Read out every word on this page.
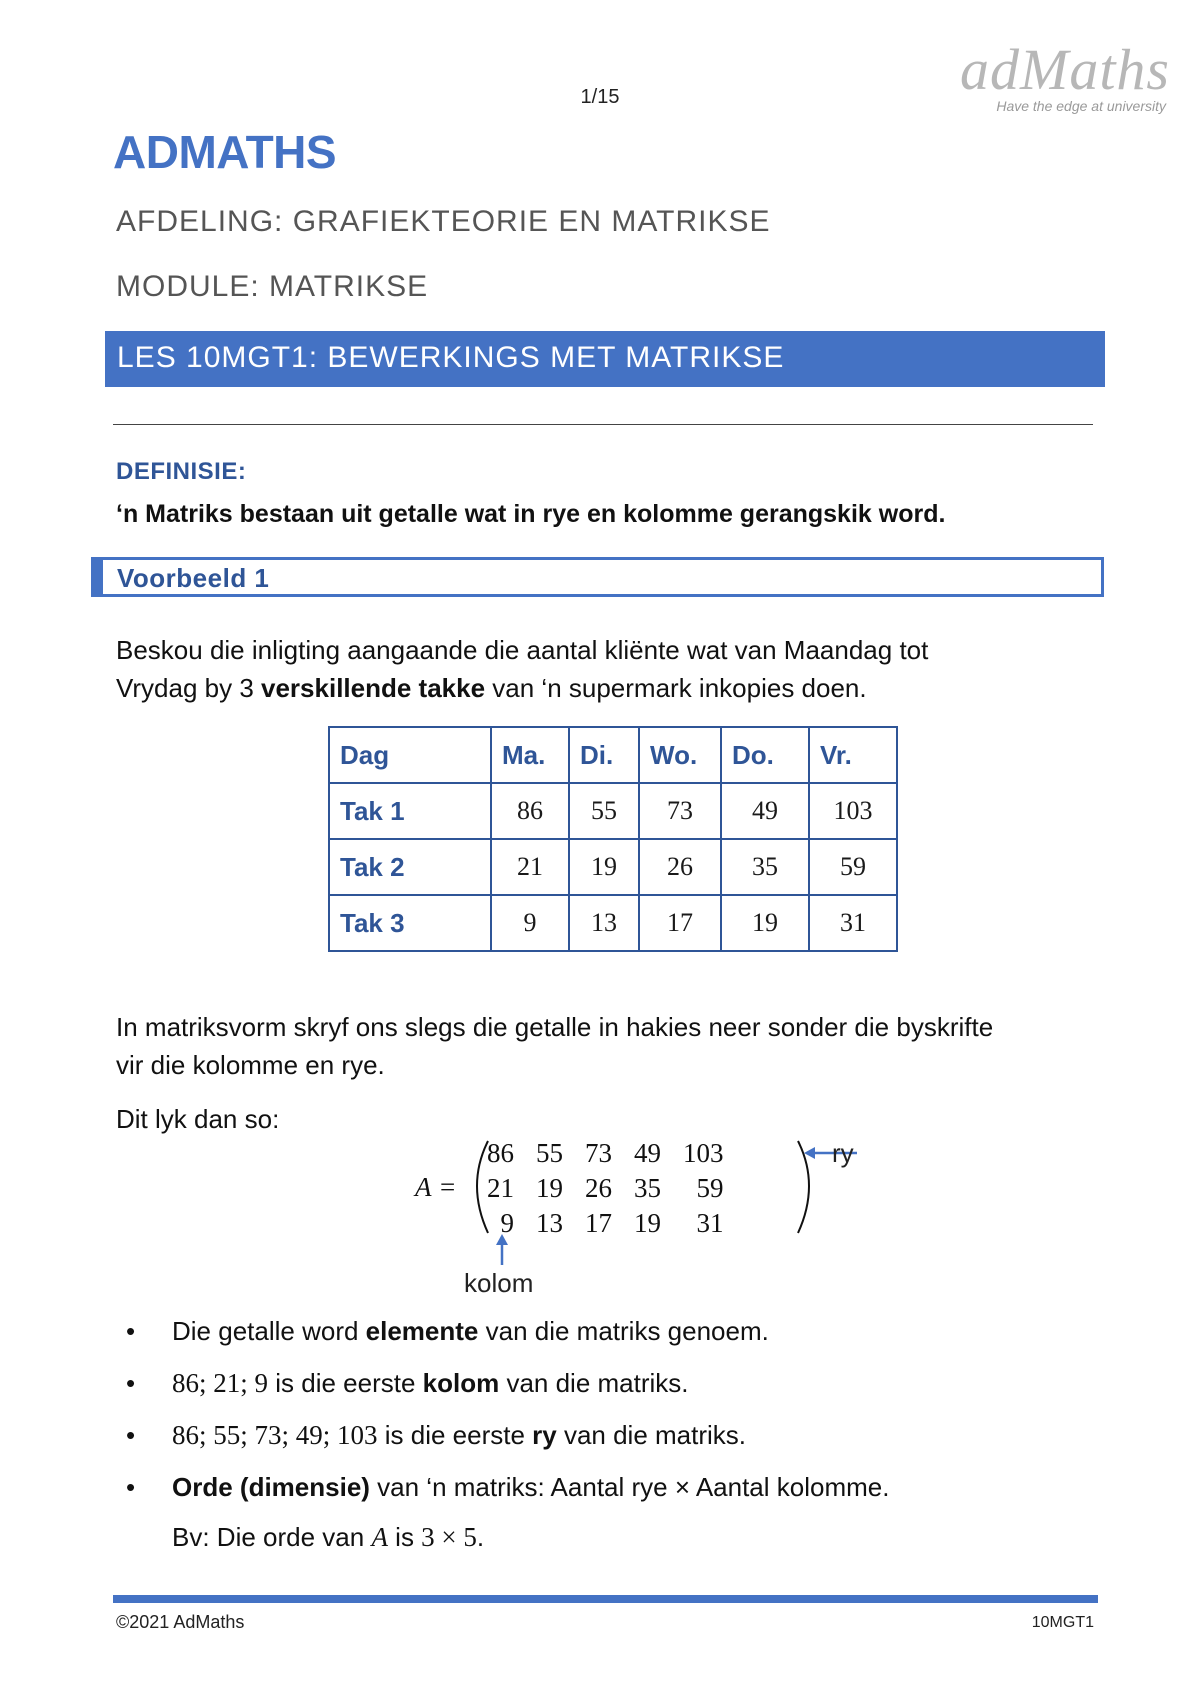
1/15	adMaths
Have the edge at university
ADMATHS
AFDELING: GRAFIEKTEORIE EN MATRIKSE
MODULE: MATRIKSE
LES 10MGT1: BEWERKINGS MET MATRIKSE
DEFINISIE:
‘n Matriks bestaan uit getalle wat in rye en kolomme gerangskik word.
Voorbeeld 1
Beskou die inligting aangaande die aantal kliënte wat van Maandag tot
Vrydag by 3 verskillende takke van ‘n supermark inkopies doen.
Dag	Ma.	Di.	Wo.	Do.	Vr.
Tak 1	86	55	73	49	103
Tak 2	21	19	26	35	59
Tak 3	9	13	17	19	31
In matriksvorm skryf ons slegs die getalle in hakies neer sonder die byskrifte
vir die kolomme en rye.
Dit lyk dan so:
A =
86	55	73	49	103
21	19	26	35	59
9	13	17	19	31
ry
kolom
• Die getalle word elemente van die matriks genoem.
• 86; 21; 9 is die eerste kolom van die matriks.
• 86; 55; 73; 49; 103 is die eerste ry van die matriks.
• Orde (dimensie) van ‘n matriks: Aantal rye × Aantal kolomme.
Bv: Die orde van A is 3 × 5.
©2021 AdMaths	10MGT1
